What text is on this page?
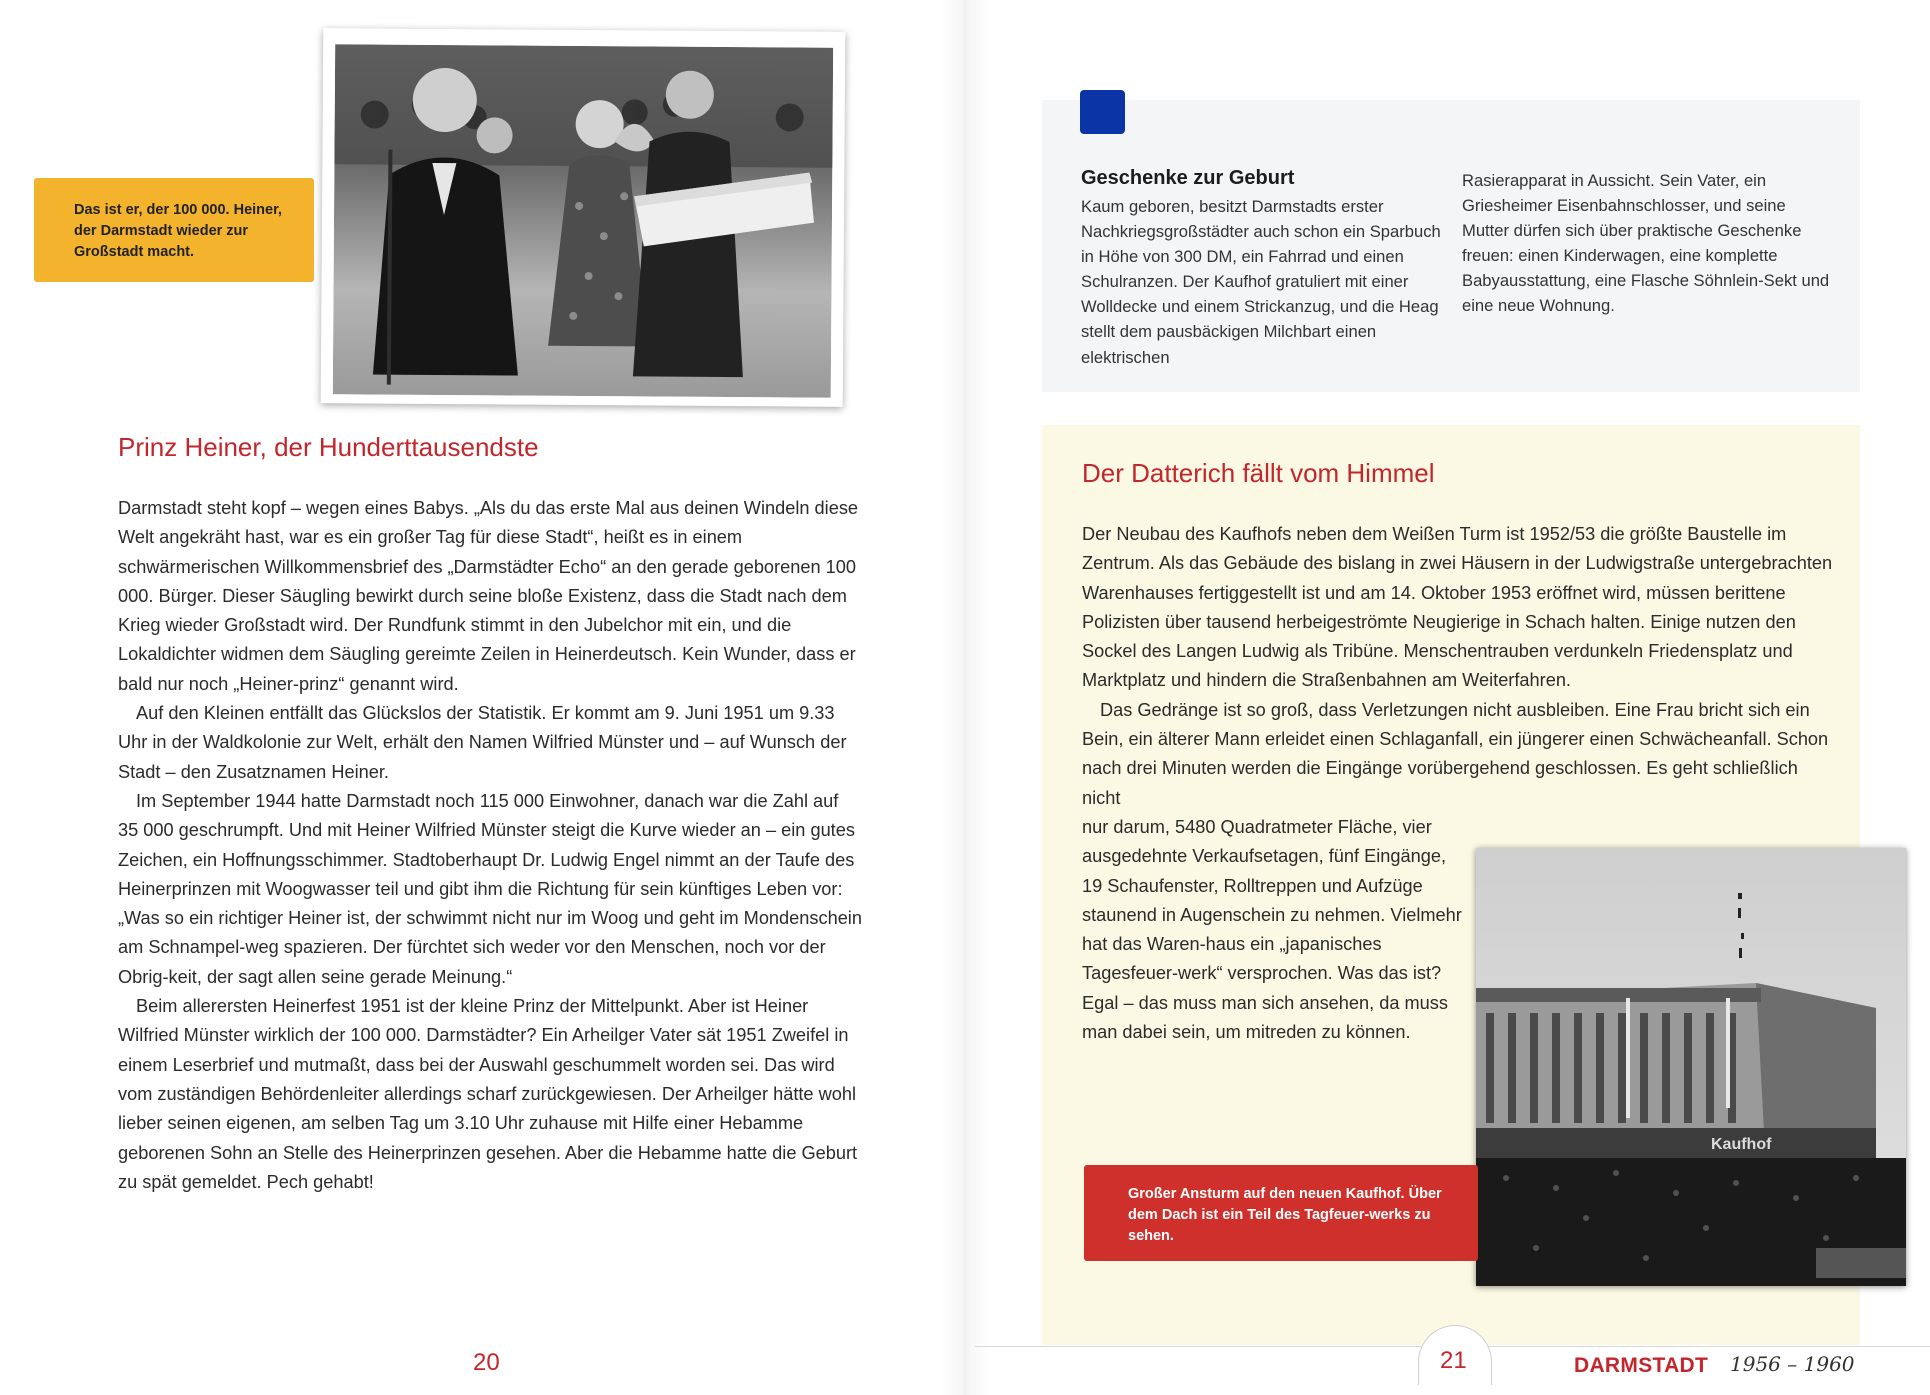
Das ist er, der 100 000. Heiner, der Darmstadt wieder zur Großstadt macht.
Prinz Heiner, der Hunderttausendste

Darmstadt steht kopf – wegen eines Babys. „Als du das erste Mal aus deinen Windeln diese Welt angekräht hast, war es ein großer Tag für diese Stadt“, heißt es in einem schwärmerischen Willkommensbrief des „Darmstädter Echo“ an den gerade geborenen 100 000. Bürger. Dieser Säugling bewirkt durch seine bloße Existenz, dass die Stadt nach dem Krieg wieder Großstadt wird. Der Rundfunk stimmt in den Jubelchor mit ein, und die Lokaldichter widmen dem Säugling gereimte Zeilen in Heinerdeutsch. Kein Wunder, dass er bald nur noch „Heiner-prinz“ genannt wird.

Auf den Kleinen entfällt das Glückslos der Statistik. Er kommt am 9. Juni 1951 um 9.33 Uhr in der Waldkolonie zur Welt, erhält den Namen Wilfried Münster und – auf Wunsch der Stadt – den Zusatznamen Heiner.

Im September 1944 hatte Darmstadt noch 115 000 Einwohner, danach war die Zahl auf 35 000 geschrumpft. Und mit Heiner Wilfried Münster steigt die Kurve wieder an – ein gutes Zeichen, ein Hoffnungsschimmer. Stadtoberhaupt Dr. Ludwig Engel nimmt an der Taufe des Heinerprinzen mit Woogwasser teil und gibt ihm die Richtung für sein künftiges Leben vor: „Was so ein richtiger Heiner ist, der schwimmt nicht nur im Woog und geht im Mondenschein am Schnampel-weg spazieren. Der fürchtet sich weder vor den Menschen, noch vor der Obrig-keit, der sagt allen seine gerade Meinung.“

Beim allerersten Heinerfest 1951 ist der kleine Prinz der Mittelpunkt. Aber ist Heiner Wilfried Münster wirklich der 100 000. Darmstädter? Ein Arheilger Vater sät 1951 Zweifel in einem Leserbrief und mutmaßt, dass bei der Auswahl geschummelt worden sei. Das wird vom zuständigen Behördenleiter allerdings scharf zurückgewiesen. Der Arheilger hätte wohl lieber seinen eigenen, am selben Tag um 3.10 Uhr zuhause mit Hilfe einer Hebamme geborenen Sohn an Stelle des Heinerprinzen gesehen. Aber die Hebamme hatte die Geburt zu spät gemeldet. Pech gehabt!

20
Geschenke zur Geburt
Kaum geboren, besitzt Darmstadts erster Nachkriegsgroßstädter auch schon ein Sparbuch in Höhe von 300 DM, ein Fahrrad und einen Schulranzen. Der Kaufhof gratuliert mit einer Wolldecke und einem Strickanzug, und die Heag stellt dem pausbäckigen Milchbart einen elektrischen
Rasierapparat in Aussicht. Sein Vater, ein Griesheimer Eisenbahnschlosser, und seine Mutter dürfen sich über praktische Geschenke freuen: einen Kinderwagen, eine komplette Babyausstattung, eine Flasche Söhnlein-Sekt und eine neue Wohnung.
Der Datterich fällt vom Himmel

Der Neubau des Kaufhofs neben dem Weißen Turm ist 1952/53 die größte Baustelle im Zentrum. Als das Gebäude des bislang in zwei Häusern in der Ludwigstraße untergebrachten Warenhauses fertiggestellt ist und am 14. Oktober 1953 eröffnet wird, müssen berittene Polizisten über tausend herbeigeströmte Neugierige in Schach halten. Einige nutzen den Sockel des Langen Ludwig als Tribüne. Menschentrauben verdunkeln Friedensplatz und Marktplatz und hindern die Straßenbahnen am Weiterfahren.

Das Gedränge ist so groß, dass Verletzungen nicht ausbleiben. Eine Frau bricht sich ein Bein, ein älterer Mann erleidet einen Schlaganfall, ein jüngerer einen Schwächeanfall. Schon nach drei Minuten werden die Eingänge vorübergehend geschlossen. Es geht schließlich nicht

nur darum, 5480 Quadratmeter Fläche, vier ausgedehnte Verkaufsetagen, fünf Eingänge, 19 Schaufenster, Rolltreppen und Aufzüge staunend in Augenschein zu nehmen. Vielmehr hat das Waren-haus ein „japanisches Tagesfeuer-werk“ versprochen. Was das ist? Egal – das muss man sich ansehen, da muss man dabei sein, um mitreden zu können.
Kaufhof
Großer Ansturm auf den neuen Kaufhof. Über dem Dach ist ein Teil des Tagfeuer-werks zu sehen.
21	DARMSTADT 1956 – 1960
